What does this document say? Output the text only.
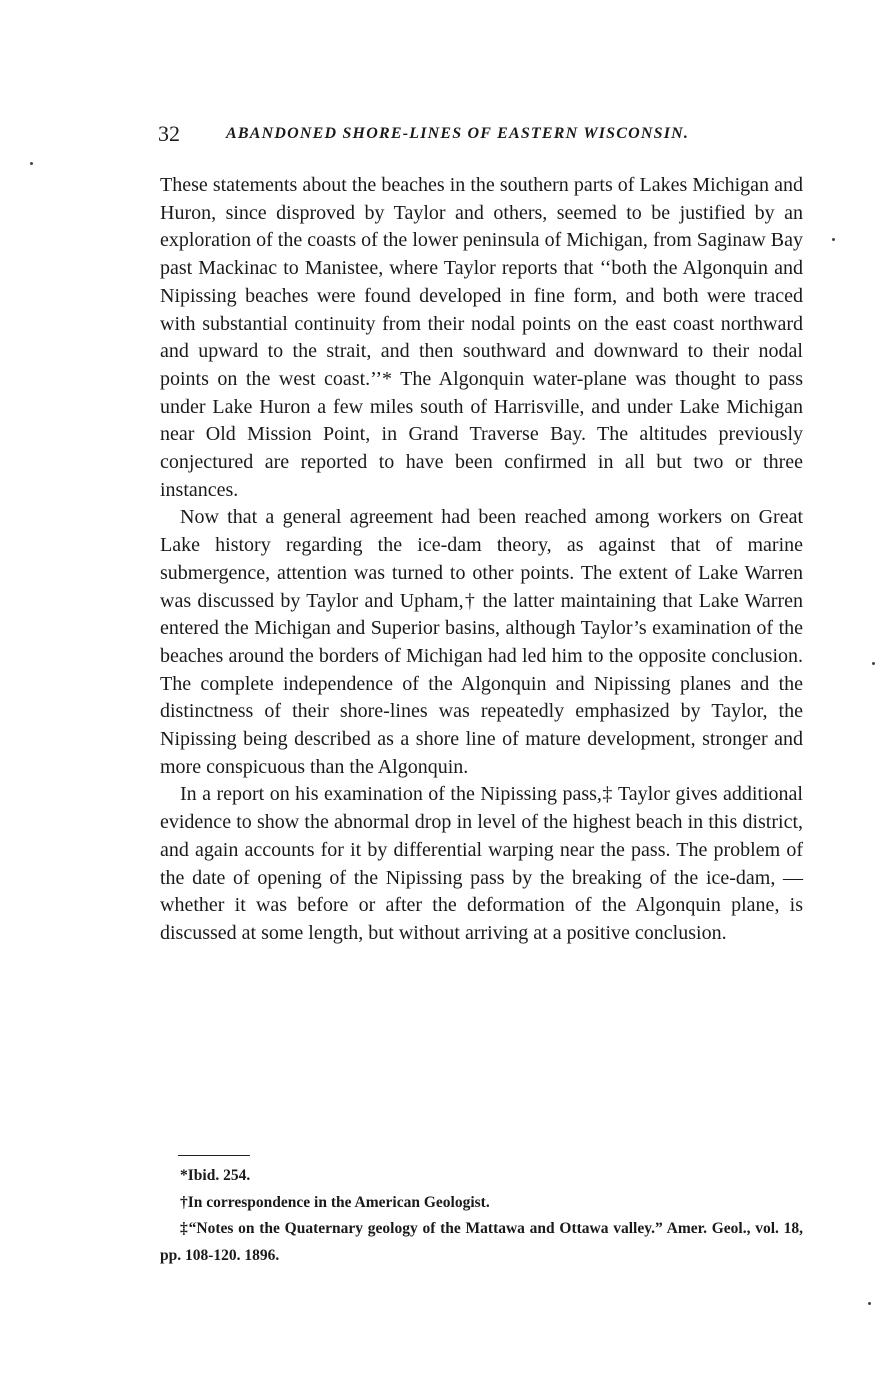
32	ABANDONED SHORE-LINES OF EASTERN WISCONSIN.

These statements about the beaches in the southern parts of Lakes Michigan and Huron, since disproved by Taylor and others, seemed to be justified by an exploration of the coasts of the lower peninsula of Michigan, from Saginaw Bay past Mackinac to Manistee, where Taylor reports that ‘‘both the Algonquin and Nipissing beaches were found developed in fine form, and both were traced with substantial continuity from their nodal points on the east coast northward and upward to the strait, and then southward and downward to their nodal points on the west coast.’’* The Algonquin water-plane was thought to pass under Lake Huron a few miles south of Harrisville, and under Lake Michigan near Old Mission Point, in Grand Traverse Bay. The altitudes previously conjectured are reported to have been confirmed in all but two or three instances.

Now that a general agreement had been reached among workers on Great Lake history regarding the ice-dam theory, as against that of marine submergence, attention was turned to other points. The extent of Lake Warren was discussed by Taylor and Upham,† the latter maintaining that Lake Warren entered the Michigan and Superior basins, although Taylor’s examination of the beaches around the borders of Michigan had led him to the opposite conclusion. The complete independence of the Algonquin and Nipissing planes and the distinctness of their shore-lines was repeatedly emphasized by Taylor, the Nipissing being described as a shore line of mature development, stronger and more conspicuous than the Algonquin.

In a report on his examination of the Nipissing pass,‡ Taylor gives additional evidence to show the abnormal drop in level of the highest beach in this district, and again accounts for it by differential warping near the pass. The problem of the date of opening of the Nipissing pass by the breaking of the ice-dam, —whether it was before or after the deformation of the Algonquin plane, is discussed at some length, but without arriving at a positive conclusion.

*Ibid. 254.

†In correspondence in the American Geologist.

‡“Notes on the Quaternary geology of the Mattawa and Ottawa valley.” Amer. Geol., vol. 18, pp. 108-120. 1896.
